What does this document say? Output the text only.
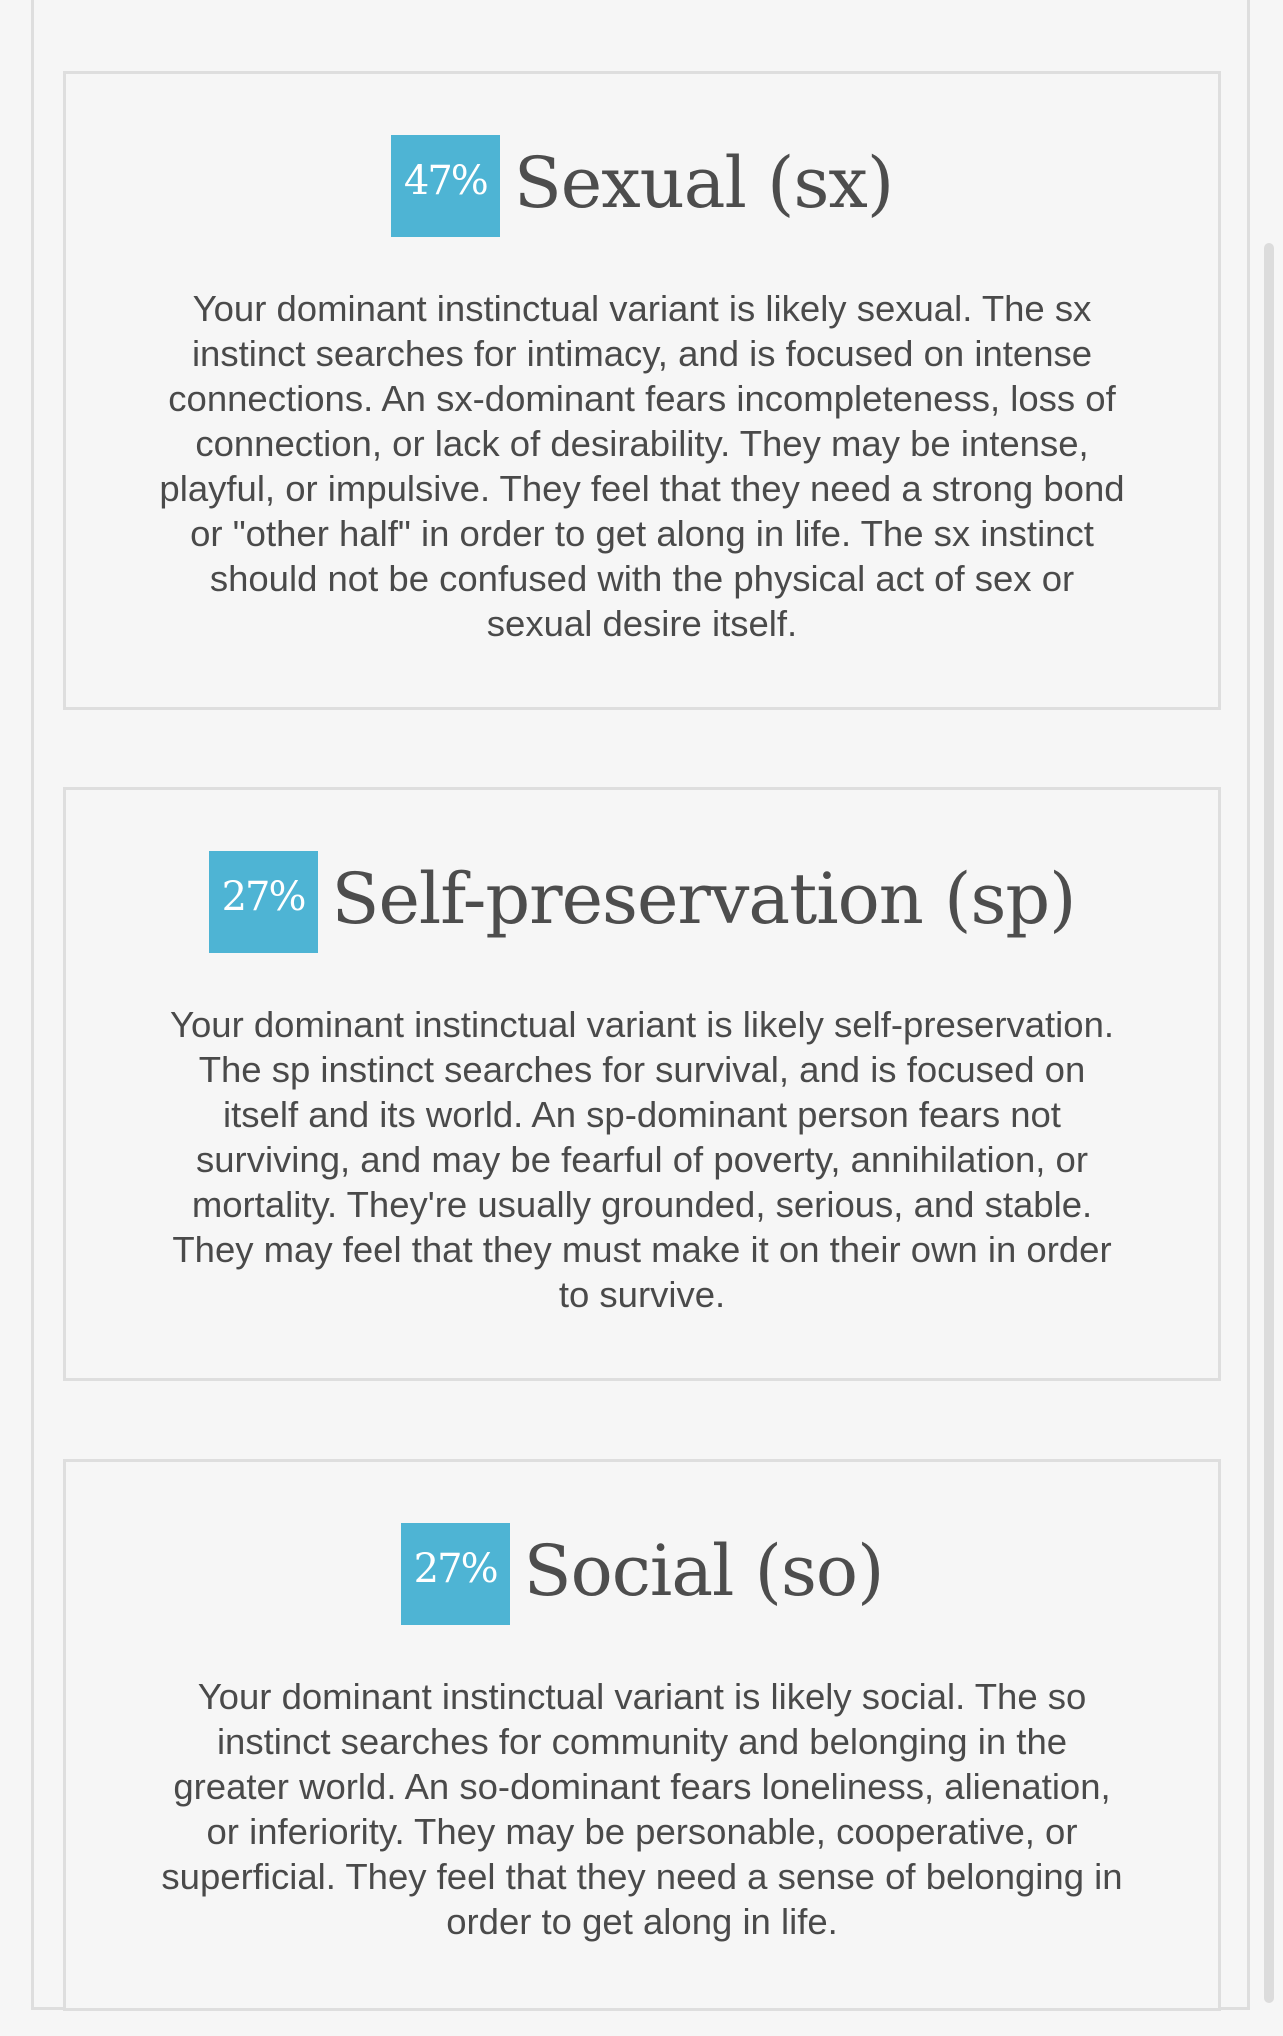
47% Sexual (sx)
Your dominant instinctual variant is likely sexual. The sx
instinct searches for intimacy, and is focused on intense
connections. An sx-dominant fears incompleteness, loss of
connection, or lack of desirability. They may be intense,
playful, or impulsive. They feel that they need a strong bond
or "other half" in order to get along in life. The sx instinct
should not be confused with the physical act of sex or
sexual desire itself.
27% Self-preservation (sp)
Your dominant instinctual variant is likely self-preservation.
The sp instinct searches for survival, and is focused on
itself and its world. An sp-dominant person fears not
surviving, and may be fearful of poverty, annihilation, or
mortality. They're usually grounded, serious, and stable.
They may feel that they must make it on their own in order
to survive.
27% Social (so)
Your dominant instinctual variant is likely social. The so
instinct searches for community and belonging in the
greater world. An so-dominant fears loneliness, alienation,
or inferiority. They may be personable, cooperative, or
superficial. They feel that they need a sense of belonging in
order to get along in life.
